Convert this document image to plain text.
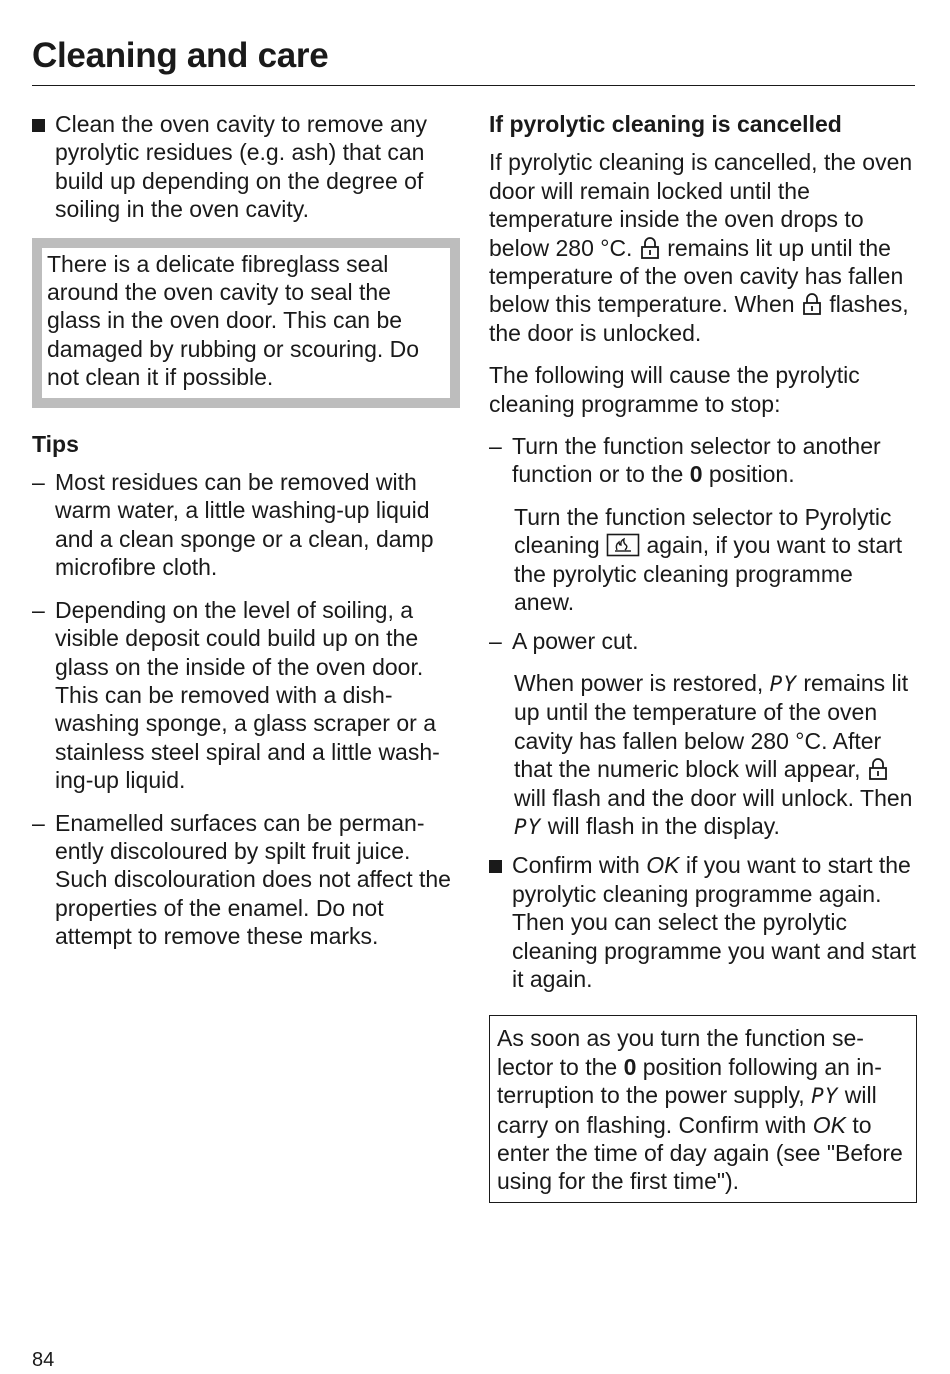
Cleaning and care

Clean the oven cavity to remove any pyrolytic residues (e.g. ash) that can build up depending on the degree of soiling in the oven cavity.

There is a delicate fibreglass seal around the oven cavity to seal the glass in the oven door. This can be damaged by rubbing or scouring. Do not clean it if possible.

Tips

– Most residues can be removed with warm water, a little washing-up liquid and a clean sponge or a clean, damp microfibre cloth.

– Depending on the level of soiling, a visible deposit could build up on the glass on the inside of the oven door. This can be removed with a dishwashing sponge, a glass scraper or a stainless steel spiral and a little washing-up liquid.

– Enamelled surfaces can be permanently discoloured by spilt fruit juice. Such discolouration does not affect the properties of the enamel. Do not attempt to remove these marks.

If pyrolytic cleaning is cancelled

If pyrolytic cleaning is cancelled, the oven door will remain locked until the temperature inside the oven drops to below 280 °C. remains lit up until the temperature of the oven cavity has fallen below this temperature. When flashes, the door is unlocked.

The following will cause the pyrolytic cleaning programme to stop:

– Turn the function selector to another function or to the 0 position.

Turn the function selector to Pyrolytic cleaning again, if you want to start the pyrolytic cleaning programme anew.

– A power cut.

When power is restored, PY remains lit up until the temperature of the oven cavity has fallen below 280 °C. After that the numeric block will appear,  will flash and the door will unlock. Then PY will flash in the display.

Confirm with OK if you want to start the pyrolytic cleaning programme again. Then you can select the pyrolytic cleaning programme you want and start it again.

As soon as you turn the function selector to the 0 position following an interruption to the power supply, PY will carry on flashing. Confirm with OK to enter the time of day again (see "Before using for the first time").

84
